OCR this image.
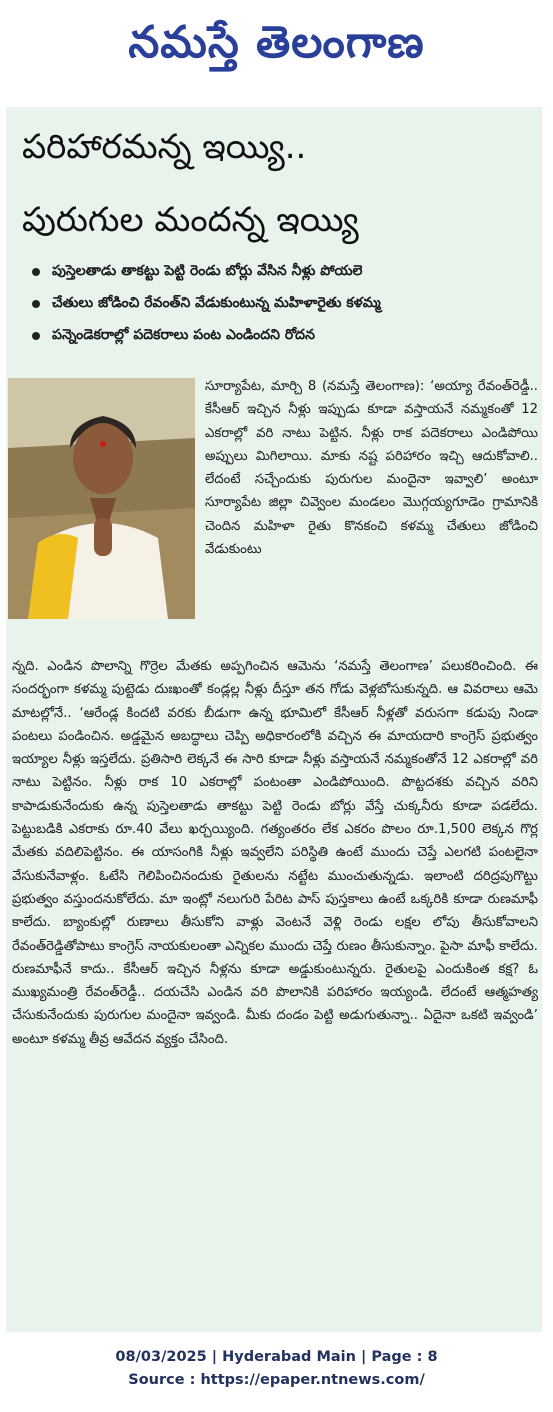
నమస్తే తెలంగాణ
పరిహారమన్న ఇయ్యి..
పురుగుల మందన్న ఇయ్యి
పుస్తెలతాడు తాకట్టు పెట్టి రెండు బోర్లు వేసిన నీళ్లు పోయలె
చేతులు జోడించి రేవంత్‌ని వేడుకుంటున్న మహిళారైతు కళమ్మ
పన్నెండెకరాల్లో పదెకరాలు పంట ఎండిందని రోదన
సూర్యాపేట, మార్చి 8 (నమస్తే తెలంగాణ): ‘అయ్యా రేవంత్‌రెడ్డీ.. కేసీఆర్‌ ఇచ్చిన నీళ్లు ఇప్పుడు కూడా వస్తాయనే నమ్మకంతో 12 ఎకరాల్లో వరి నాటు పెట్టిన. నీళ్లు రాక పదెకరాలు ఎండిపోయి అప్పులు మిగిలాయి. మాకు నష్ట పరిహారం ఇచ్చి ఆదుకోవాలి.. లేదంటే సచ్చేందుకు పురుగుల మందైనా ఇవ్వాలి’ అంటూ సూర్యాపేట జిల్లా చివ్వెంల మండలం మొగ్గయ్యగూడెం గ్రామానికి చెందిన మహిళా రైతు కొనకంచి కళమ్మ చేతులు జోడించి వేడుకుంటు
న్నది. ఎండిన పొలాన్ని గొర్రెల మేతకు అప్పగించిన ఆమెను ‘నమస్తే తెలంగాణ’ పలుకరించింది. ఈ సందర్భంగా కళమ్మ పుట్టెడు దుఃఖంతో కండ్లల్ల నీళ్లు దీస్తూ తన గోడు వెళ్లబోసుకున్నది. ఆ వివరాలు ఆమె మాటల్లోనే.. ‘ఆరేండ్ల కిందటి వరకు బీడుగా ఉన్న భూమిలో కేసీఆర్‌ నీళ్లతో వరుసగా కడుపు నిండా పంటలు పండించిన. అడ్డమైన అబద్ధాలు చెప్పి అధికారంలోకి వచ్చిన ఈ మాయదారి కాంగ్రెస్‌ ప్రభుత్వం ఇయ్యాల నీళ్లు ఇస్తలేదు. ప్రతిసారి లెక్కనే ఈ సారి కూడా నీళ్లు వస్తాయనే నమ్మకంతోనే 12 ఎకరాల్లో వరి నాటు పెట్టినం. నీళ్లు రాక 10 ఎకరాల్లో పంటంతా ఎండిపోయింది. పొట్టదశకు వచ్చిన వరిని కాపాడుకునేందుకు ఉన్న పుస్తెలతాడు తాకట్టు పెట్టి రెండు బోర్లు వేస్తే చుక్కనీరు కూడా పడలేదు. పెట్టుబడికి ఎకరాకు రూ.40 వేలు ఖర్చయ్యింది. గత్యంతరం లేక ఎకరం పొలం రూ.1,500 లెక్కన గొర్ల మేతకు వదిలిపెట్టినం. ఈ యాసంగికి నీళ్లు ఇవ్వలేని పరిస్థితి ఉంటే ముందు చెప్తే ఎలగటి పంటలైనా వేసుకునేవాళ్లం. ఓటేసి గెలిపించినందుకు రైతులను నట్టేట ముంచుతున్నడు. ఇలాంటి దరిద్రపుగొట్టు ప్రభుత్వం వస్తుందనుకోలేదు. మా ఇంట్లో నలుగురి పేరిట పాస్‌ పుస్తకాలు ఉంటే ఒక్కరికి కూడా రుణమాఫీ కాలేదు. బ్యాంకుల్లో రుణాలు తీసుకోని వాళ్లు వెంటనే వెళ్లి రెండు లక్షల లోపు తీసుకోవాలని రేవంత్‌రెడ్డితోపాటు కాంగ్రెస్‌ నాయకులంతా ఎన్నికల ముందు చెప్తే రుణం తీసుకున్నాం. పైసా మాఫీ కాలేదు. రుణమాఫీనే కాదు.. కేసీఆర్‌ ఇచ్చిన నీళ్లను కూడా అడ్డుకుంటున్నరు. రైతులపై ఎందుకింత కక్ష? ఓ ముఖ్యమంత్రి రేవంత్‌రెడ్డీ.. దయచేసి ఎండిన వరి పొలానికి పరిహారం ఇయ్యండి. లేదంటే ఆత్మహత్య చేసుకునేందుకు పురుగుల మందైనా ఇవ్వండి. మీకు దండం పెట్టి అడుగుతున్నా.. ఏదైనా ఒకటి ఇవ్వండి’ అంటూ కళమ్మ తీవ్ర ఆవేదన వ్యక్తం చేసింది.
08/03/2025 | Hyderabad Main | Page : 8
Source : https://epaper.ntnews.com/
